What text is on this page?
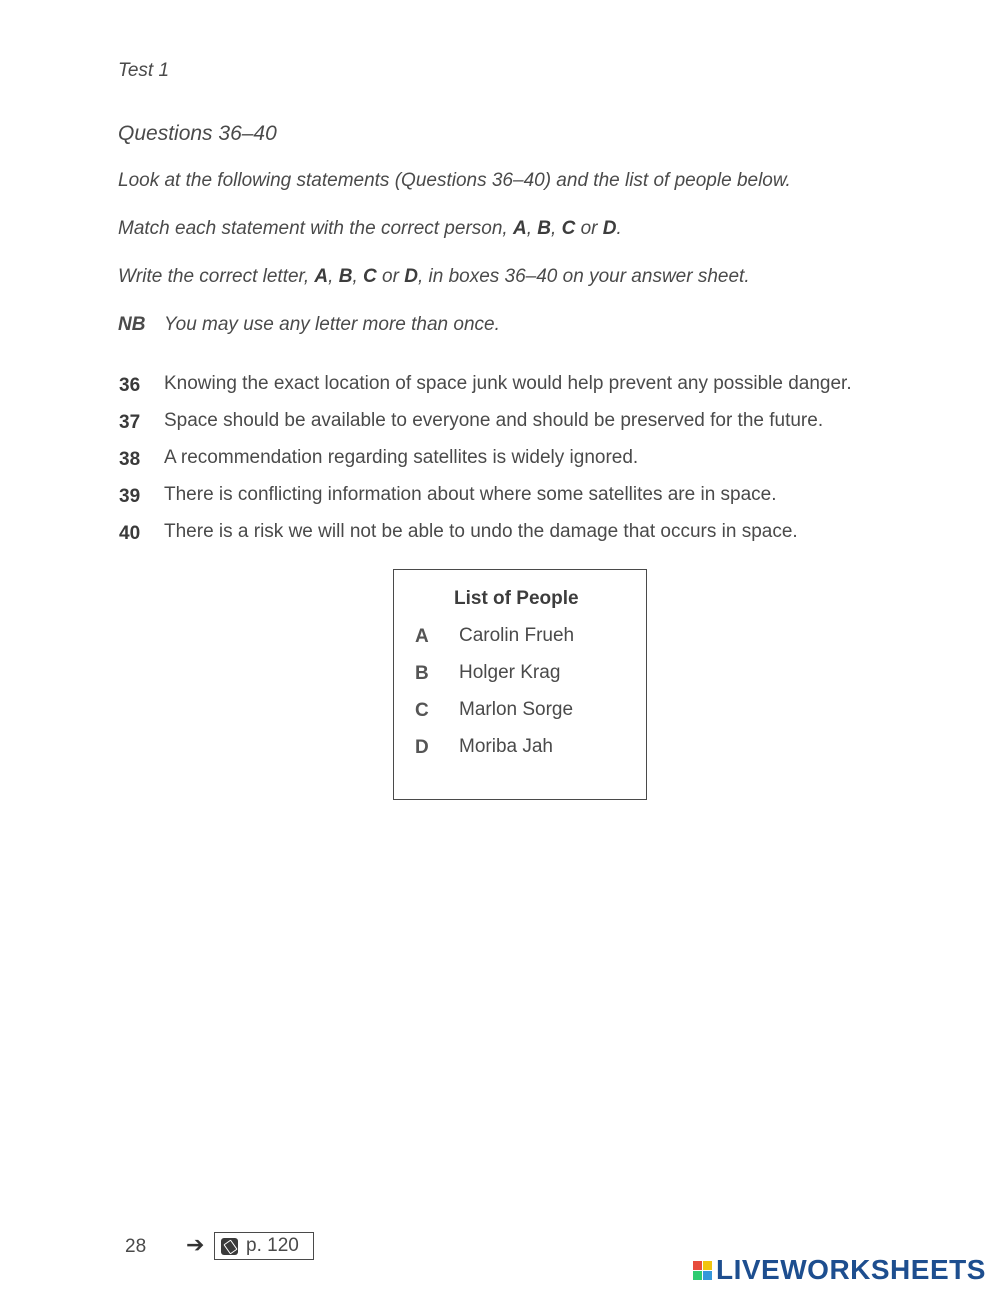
Test 1
Questions 36–40
Look at the following statements (Questions 36–40) and the list of people below.
Match each statement with the correct person, A, B, C or D.
Write the correct letter, A, B, C or D, in boxes 36–40 on your answer sheet.
NB You may use any letter more than once.
36 Knowing the exact location of space junk would help prevent any possible danger.
37 Space should be available to everyone and should be preserved for the future.
38 A recommendation regarding satellites is widely ignored.
39 There is conflicting information about where some satellites are in space.
40 There is a risk we will not be able to undo the damage that occurs in space.
List of People
A Carolin Frueh
B Holger Krag
C Marlon Sorge
D Moriba Jah
28 ➔ p. 120
LIVEWORKSHEETS
